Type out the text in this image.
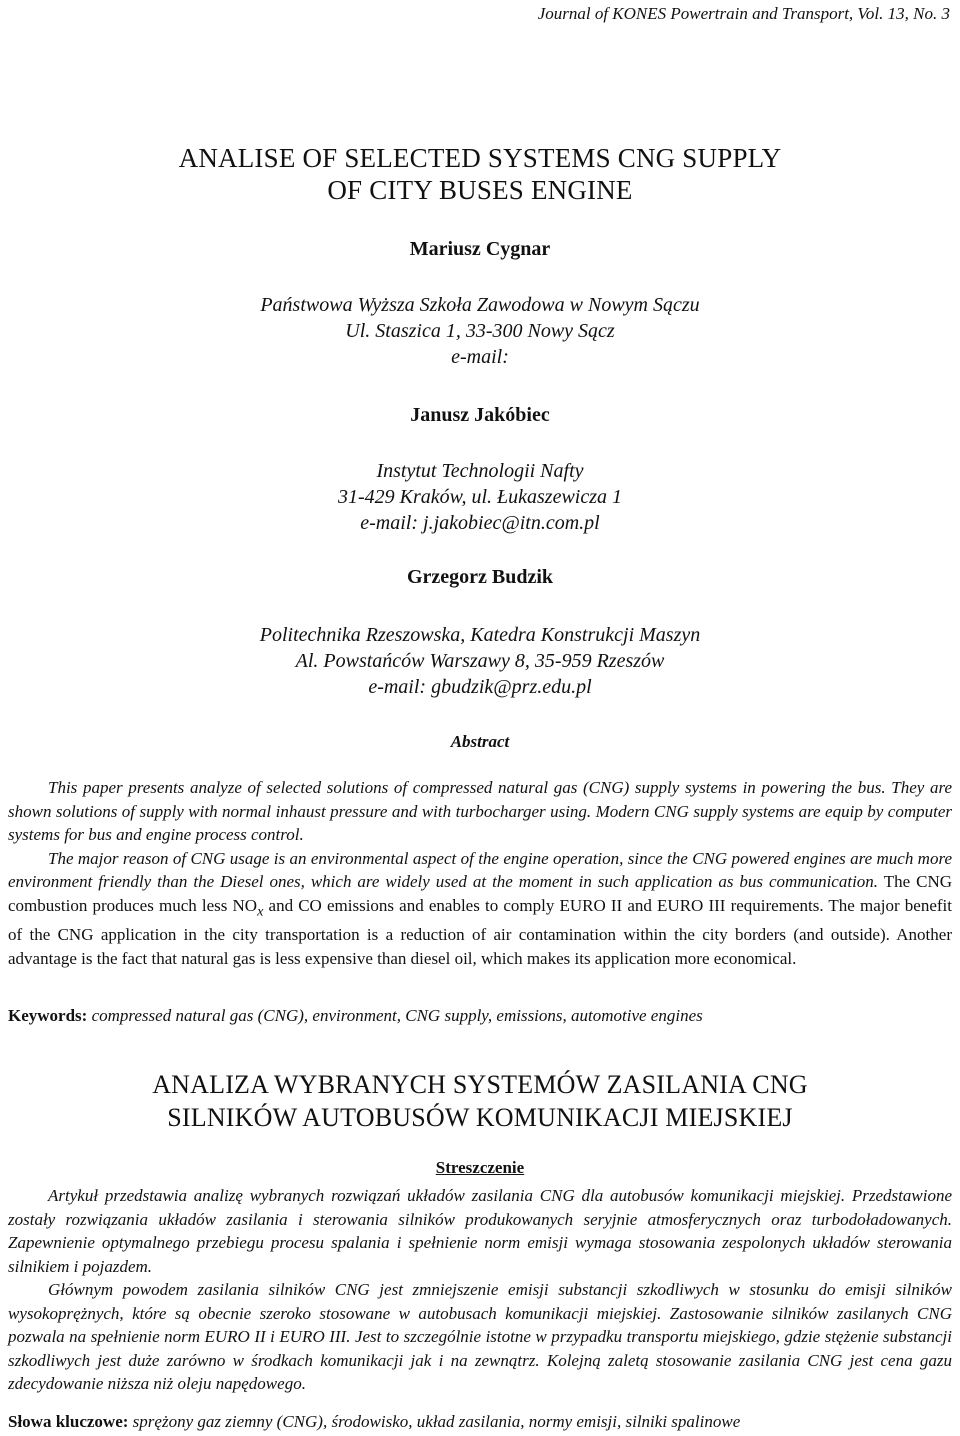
Journal of KONES Powertrain and Transport, Vol. 13, No. 3
ANALISE OF SELECTED SYSTEMS CNG SUPPLY
OF CITY BUSES ENGINE
Mariusz Cygnar
Państwowa Wyższa Szkoła Zawodowa w Nowym Sączu
Ul. Staszica 1, 33-300 Nowy Sącz
e-mail:
Janusz Jakóbiec
Instytut Technologii Nafty
31-429 Kraków, ul. Łukaszewicza 1
e-mail: j.jakobiec@itn.com.pl
Grzegorz Budzik
Politechnika Rzeszowska, Katedra Konstrukcji Maszyn
Al. Powstańców Warszawy 8, 35-959 Rzeszów
e-mail: gbudzik@prz.edu.pl
Abstract

This paper presents analyze of selected solutions of compressed natural gas (CNG) supply systems in powering the bus. They are shown solutions of supply with normal inhaust pressure and with turbocharger using. Modern CNG supply systems are equip by computer systems for bus and engine process control.

The major reason of CNG usage is an environmental aspect of the engine operation, since the CNG powered engines are much more environment friendly than the Diesel ones, which are widely used at the moment in such application as bus communication. The CNG combustion produces much less $NO_x$ and CO emissions and enables to comply EURO II and EURO III requirements. The major benefit of the CNG application in the city transportation is a reduction of air contamination within the city borders (and outside). Another advantage is the fact that natural gas is less expensive than diesel oil, which makes its application more economical.

Keywords: compressed natural gas (CNG), environment, CNG supply, emissions, automotive engines
ANALIZA WYBRANYCH SYSTEMÓW ZASILANIA CNG
SILNIKÓW AUTOBUSÓW KOMUNIKACJI MIEJSKIEJ
Streszczenie

Artykuł przedstawia analizę wybranych rozwiązań układów zasilania CNG dla autobusów komunikacji miejskiej. Przedstawione zostały rozwiązania układów zasilania i sterowania silników produkowanych seryjnie atmosferycznych oraz turbodoładowanych. Zapewnienie optymalnego przebiegu procesu spalania i spełnienie norm emisji wymaga stosowania zespolonych układów sterowania silnikiem i pojazdem.

Głównym powodem zasilania silników CNG jest zmniejszenie emisji substancji szkodliwych w stosunku do emisji silników wysokoprężnych, które są obecnie szeroko stosowane w autobusach komunikacji miejskiej. Zastosowanie silników zasilanych CNG pozwala na spełnienie norm EURO II i EURO III. Jest to szczególnie istotne w przypadku transportu miejskiego, gdzie stężenie substancji szkodliwych jest duże zarówno w środkach komunikacji jak i na zewnątrz. Kolejną zaletą stosowanie zasilania CNG jest cena gazu zdecydowanie niższa niż oleju napędowego.

Słowa kluczowe: sprężony gaz ziemny (CNG), środowisko, układ zasilania, normy emisji, silniki spalinowe
